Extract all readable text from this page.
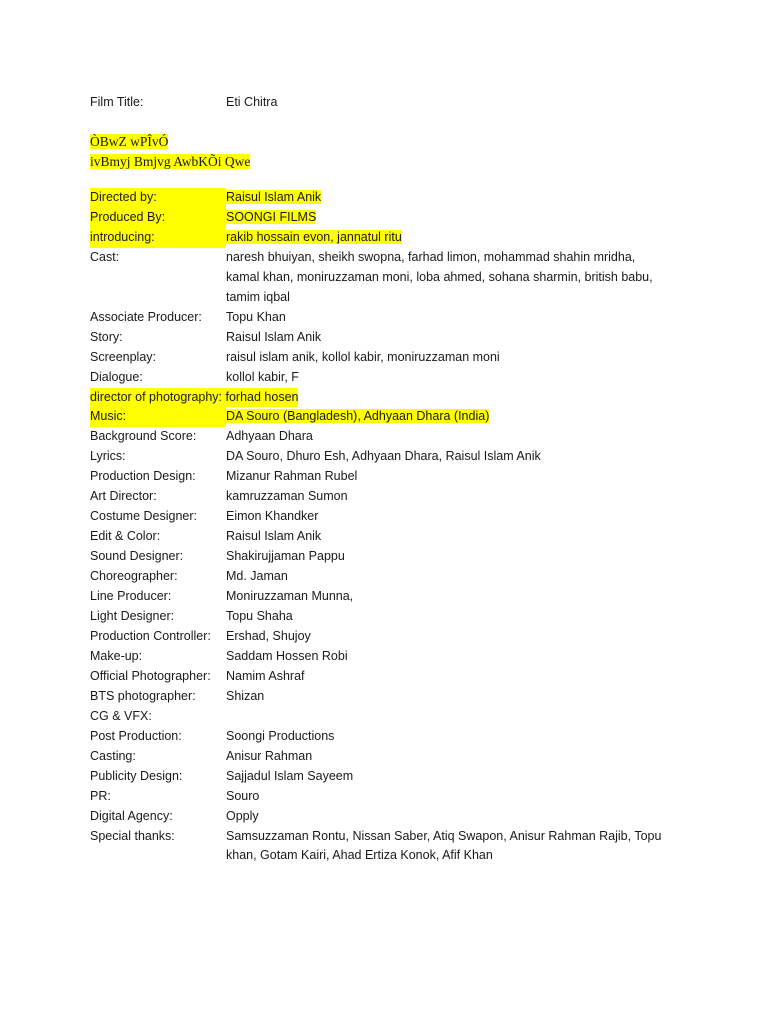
Film Title:	Eti Chitra
ÒBwZ wPÎvÓ
ivBmyj Bmjvg AwbKÕi Qwe
Directed by:	Raisul Islam Anik
Produced By:	SOONGI FILMS
introducing:	rakib hossain evon, jannatul ritu
Cast:	naresh bhuiyan, sheikh swopna, farhad limon, mohammad shahin mridha, kamal khan, moniruzzaman moni, loba ahmed, sohana sharmin, british babu, tamim iqbal
Associate Producer:	Topu Khan
Story:	Raisul Islam Anik
Screenplay:	raisul islam anik, kollol kabir, moniruzzaman moni
Dialogue:	kollol kabir, F
director of photography: forhad hosen
Music:	DA Souro (Bangladesh), Adhyaan Dhara (India)
Background Score:	Adhyaan Dhara
Lyrics:	DA Souro, Dhuro Esh, Adhyaan Dhara, Raisul Islam Anik
Production Design:	Mizanur Rahman Rubel
Art Director:	kamruzzaman Sumon
Costume Designer:	Eimon Khandker
Edit & Color:	Raisul Islam Anik
Sound Designer:	Shakirujjaman Pappu
Choreographer:	Md. Jaman
Line Producer:	Moniruzzaman Munna,
Light Designer:	Topu Shaha
Production Controller:	Ershad, Shujoy
Make-up:	Saddam Hossen Robi
Official Photographer:	Namim Ashraf
BTS photographer:	Shizan
CG & VFX:
Post Production:	Soongi Productions
Casting:	Anisur Rahman
Publicity Design:	Sajjadul Islam Sayeem
PR:	Souro
Digital Agency:	Opply
Special thanks:	Samsuzzaman Rontu, Nissan Saber, Atiq Swapon, Anisur Rahman Rajib, Topu khan, Gotam Kairi, Ahad Ertiza Konok, Afif Khan
